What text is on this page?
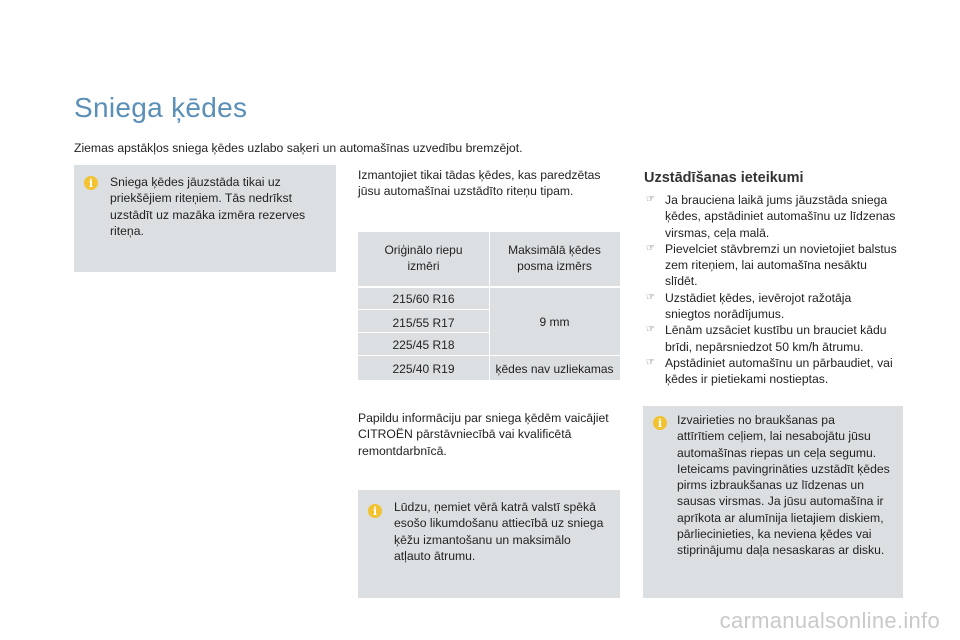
Sniega ķēdes
Ziemas apstākļos sniega ķēdes uzlabo saķeri un automašīnas uzvedību bremzējot.
i Sniega ķēdes jāuzstāda tikai uz
priekšējiem riteņiem. Tās nedrīkst
uzstādīt uz mazāka izmēra rezerves
riteņa.
Izmantojiet tikai tādas ķēdes, kas paredzētas
jūsu automašīnai uzstādīto riteņu tipam.
Oriģinālo riepu
izmēri
Maksimālā ķēdes
posma izmērs
215/60 R16
215/55 R17
225/45 R18
225/40 R19
9 mm
ķēdes nav uzliekamas
Papildu informāciju par sniega ķēdēm vaicājiet
CITROËN pārstāvniecībā vai kvalificētā
remontdarbnīcā.
i Lūdzu, ņemiet vērā katrā valstī spēkā
esošo likumdošanu attiecībā uz sniega
ķēžu izmantošanu un maksimālo
atļauto ātrumu.
Uzstādīšanas ieteikumi
☞ Ja brauciena laikā jums jāuzstāda sniega
ķēdes, apstādiniet automašīnu uz līdzenas
virsmas, ceļa malā.
☞ Pievelciet stāvbremzi un novietojiet balstus
zem riteņiem, lai automašīna nesāktu
slīdēt.
☞ Uzstādiet ķēdes, ievērojot ražotāja
sniegtos norādījumus.
☞ Lēnām uzsāciet kustību un brauciet kādu
brīdi, nepārsniedzot 50 km/h ātrumu.
☞ Apstādiniet automašīnu un pārbaudiet, vai
ķēdes ir pietiekami nostieptas.
i Izvairieties no braukšanas pa
attīrītiem ceļiem, lai nesabojātu jūsu
automašīnas riepas un ceļa segumu.
Ieteicams pavingrināties uzstādīt ķēdes
pirms izbraukšanas uz līdzenas un
sausas virsmas. Ja jūsu automašīna ir
aprīkota ar alumīnija lietajiem diskiem,
pārliecinieties, ka neviena ķēdes vai
stiprinājumu daļa nesaskaras ar disku.
carmanualsonline.info
